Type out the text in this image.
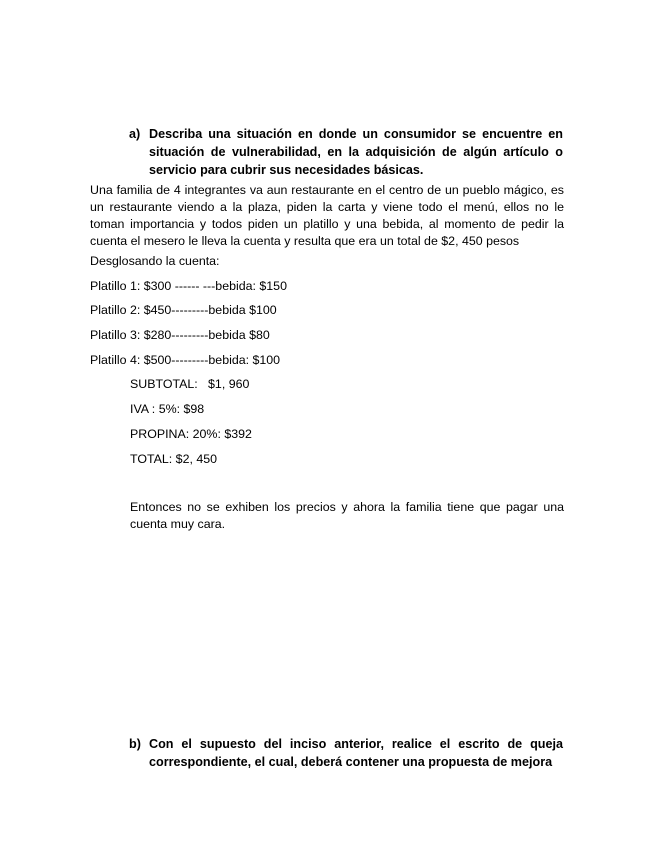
a) Describa una situación en donde un consumidor se encuentre en situación de vulnerabilidad, en la adquisición de algún artículo o servicio para cubrir sus necesidades básicas.
Una familia de 4 integrantes va aun restaurante en el centro de un pueblo mágico, es un restaurante viendo a la plaza, piden la carta y viene todo el menú, ellos no le toman importancia y todos piden un platillo y una bebida, al momento de pedir la cuenta el mesero le lleva la cuenta y resulta que era un total de $2, 450 pesos
Desglosando la cuenta:
Platillo 1: $300 ------ ---bebida: $150
Platillo 2: $450---------bebida $100
Platillo 3: $280---------bebida $80
Platillo 4: $500---------bebida: $100
SUBTOTAL:   $1, 960
IVA : 5%: $98
PROPINA: 20%: $392
TOTAL: $2, 450
Entonces no se exhiben los precios y ahora la familia tiene que pagar una cuenta muy cara.
b) Con el supuesto del inciso anterior, realice el escrito de queja correspondiente, el cual, deberá contener una propuesta de mejora
